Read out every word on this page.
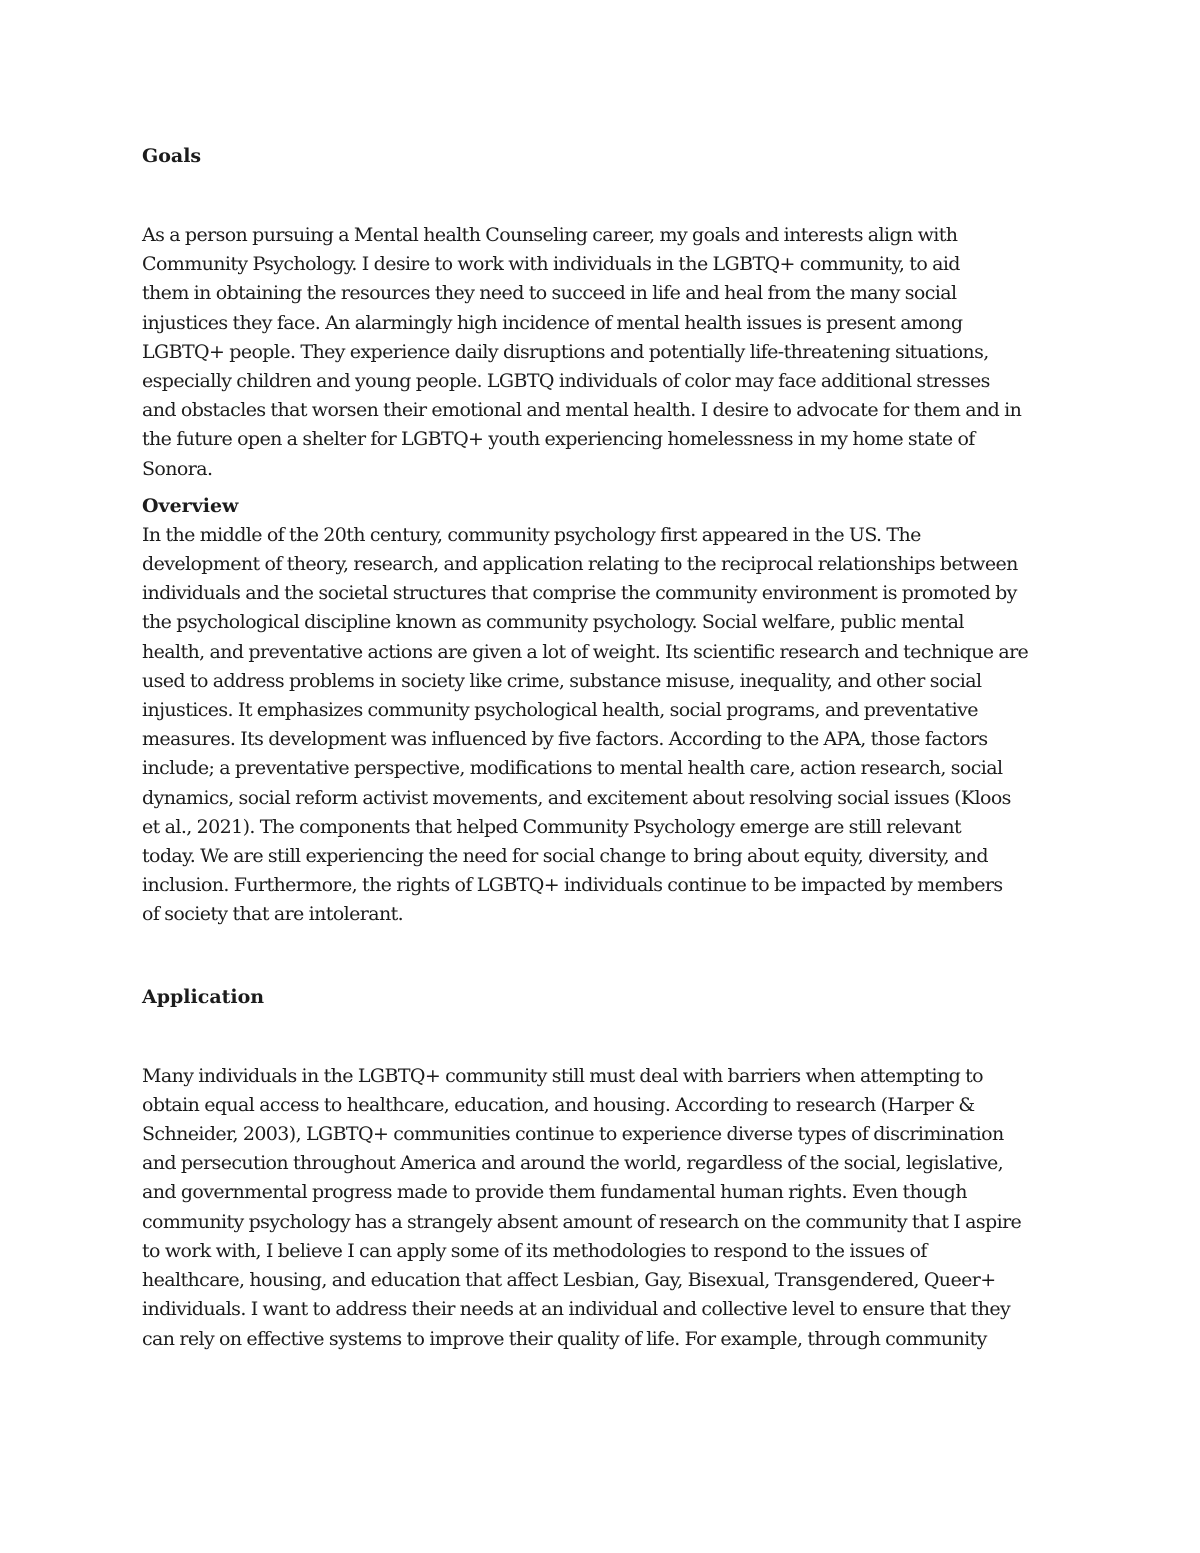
Goals
As a person pursuing a Mental health Counseling career, my goals and interests align with
Community Psychology. I desire to work with individuals in the LGBTQ+ community, to aid
them in obtaining the resources they need to succeed in life and heal from the many social
injustices they face. An alarmingly high incidence of mental health issues is present among
LGBTQ+ people. They experience daily disruptions and potentially life-threatening situations,
especially children and young people. LGBTQ individuals of color may face additional stresses
and obstacles that worsen their emotional and mental health. I desire to advocate for them and in
the future open a shelter for LGBTQ+ youth experiencing homelessness in my home state of
Sonora.
Overview
In the middle of the 20th century, community psychology first appeared in the US. The
development of theory, research, and application relating to the reciprocal relationships between
individuals and the societal structures that comprise the community environment is promoted by
the psychological discipline known as community psychology. Social welfare, public mental
health, and preventative actions are given a lot of weight. Its scientific research and technique are
used to address problems in society like crime, substance misuse, inequality, and other social
injustices. It emphasizes community psychological health, social programs, and preventative
measures. Its development was influenced by five factors. According to the APA, those factors
include; a preventative perspective, modifications to mental health care, action research, social
dynamics, social reform activist movements, and excitement about resolving social issues (Kloos
et al., 2021). The components that helped Community Psychology emerge are still relevant
today. We are still experiencing the need for social change to bring about equity, diversity, and
inclusion. Furthermore, the rights of LGBTQ+ individuals continue to be impacted by members
of society that are intolerant.
Application
Many individuals in the LGBTQ+ community still must deal with barriers when attempting to
obtain equal access to healthcare, education, and housing. According to research (Harper &
Schneider, 2003), LGBTQ+ communities continue to experience diverse types of discrimination
and persecution throughout America and around the world, regardless of the social, legislative,
and governmental progress made to provide them fundamental human rights. Even though
community psychology has a strangely absent amount of research on the community that I aspire
to work with, I believe I can apply some of its methodologies to respond to the issues of
healthcare, housing, and education that affect Lesbian, Gay, Bisexual, Transgendered, Queer+
individuals. I want to address their needs at an individual and collective level to ensure that they
can rely on effective systems to improve their quality of life. For example, through community
